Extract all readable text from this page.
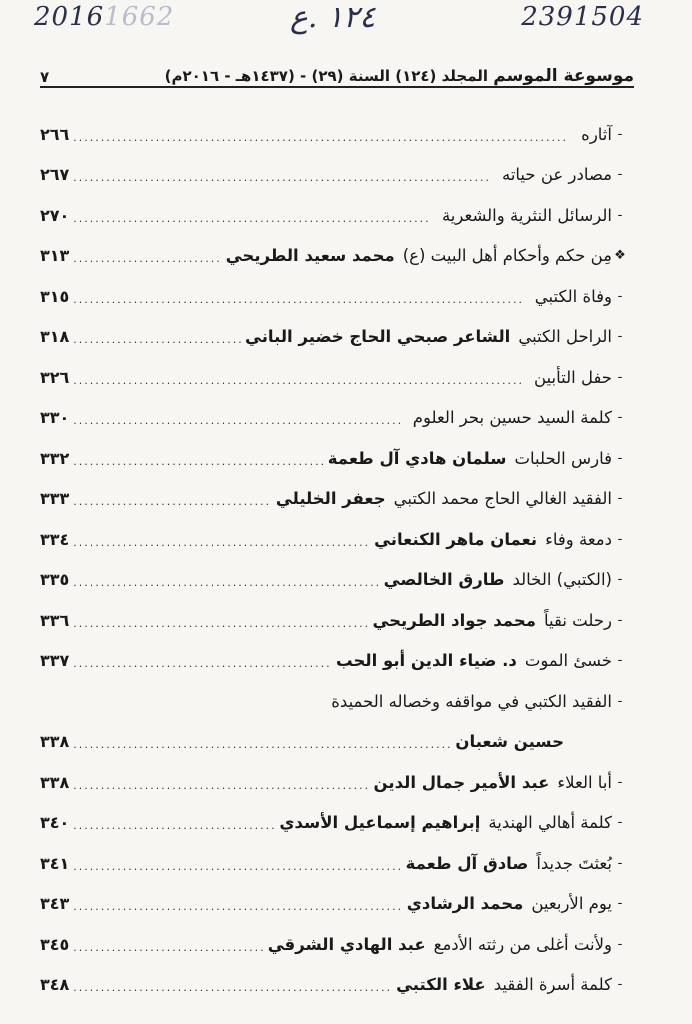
20161662	١٢٤ .ع	2391504
موسوعة الموسم المجلد (١٢٤) السنة (٢٩) - (١٤٣٧هـ - ٢٠١٦م)
٧
-
آثاره
.....
٢٦٦
-
مصادر عن حياته
.....
٢٦٧
-
الرسائل النثرية والشعرية
.....
٢٧٠
❖
مِن حكم وأحكام أهل البيت (ع)
محمد سعيد الطريحي
.....
٣١٣
-
وفاة الكتبي
.....
٣١٥
-
الراحل الكتبي
الشاعر صبحي الحاج خضير الباني
.....
٣١٨
-
حفل التأبين
.....
٣٢٦
-
كلمة السيد حسين بحر العلوم
.....
٣٣٠
-
فارس الحلبات
سلمان هادي آل طعمة
.....
٣٣٢
-
الفقيد الغالي الحاج محمد الكتبي
جعفر الخليلي
.....
٣٣٣
-
دمعة وفاء
نعمان ماهر الكنعاني
.....
٣٣٤
-
(الكتبي) الخالد
طارق الخالصي
.....
٣٣٥
-
رحلت نقياً
محمد جواد الطريحي
.....
٣٣٦
-
خسئ الموت
د. ضياء الدين أبو الحب
.....
٣٣٧
-
الفقيد الكتبي في مواقفه وخصاله الحميدة
حسين شعبان
.....
٣٣٨
-
أبا العلاء
عبد الأمير جمال الدين
.....
٣٣٨
-
كلمة أهالي الهندية
إبراهيم إسماعيل الأسدي
.....
٣٤٠
-
بُعثتَ جديداً
صادق آل طعمة
.....
٣٤١
-
يوم الأربعين
محمد الرشادي
.....
٣٤٣
-
ولأنت أغلى من رثته الأدمع
عبد الهادي الشرقي
.....
٣٤٥
-
كلمة أسرة الفقيد
علاء الكتبي
.....
٣٤٨
